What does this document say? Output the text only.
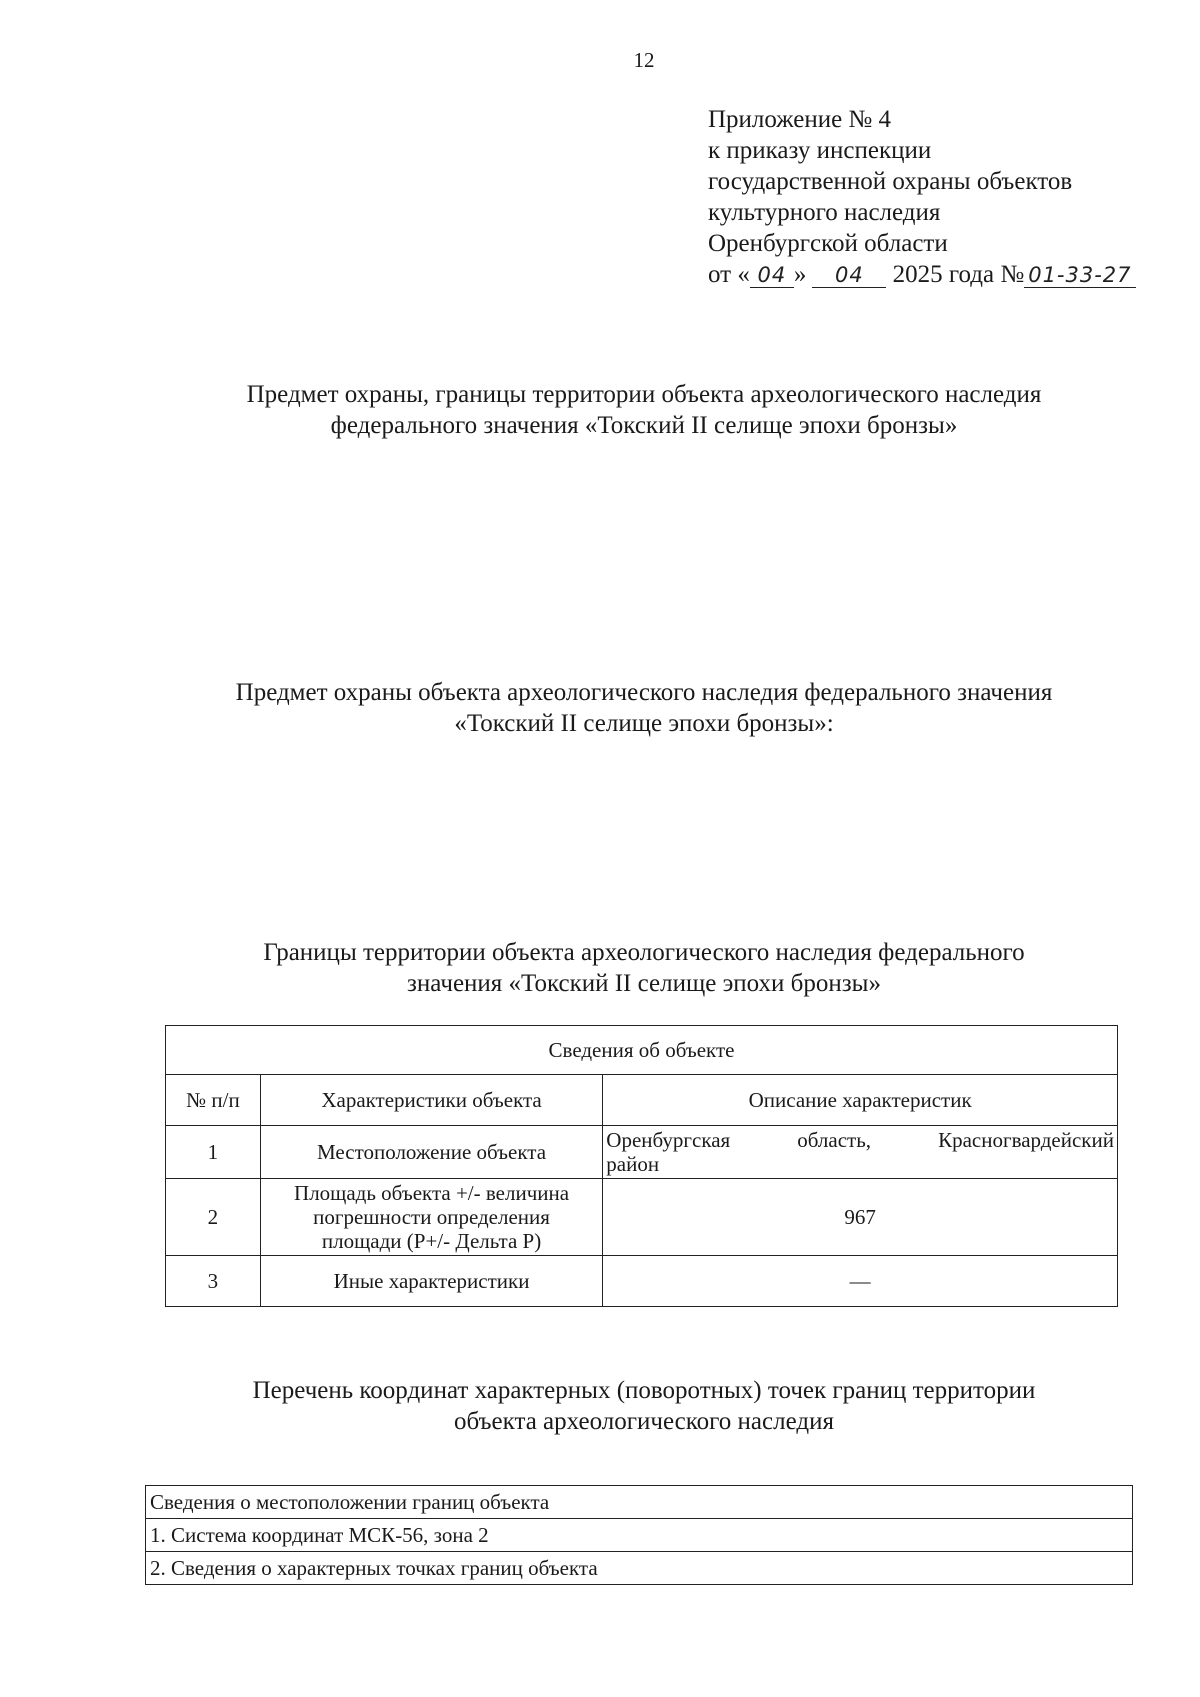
12
Приложение № 4
к приказу инспекции
государственной охраны объектов
культурного наследия
Оренбургской области
от « 04 » 04 2025 года № 01-33-27
Предмет охраны, границы территории объекта археологического наследия
федерального значения «Токский II селище эпохи бронзы»
Предмет охраны объекта археологического наследия федерального значения
«Токский II селище эпохи бронзы»:
Границы территории объекта археологического наследия федерального
значения «Токский II селище эпохи бронзы»
Сведения об объекте		
№ п/п	Характеристики объекта	Описание характеристик
1	Местоположение объекта	Оренбургская область, Красногвардейский
район

2	Площадь объекта +/- величина
погрешности определения
площади (Р+/- Дельта Р)	967
3	Иные характеристики	—
Перечень координат характерных (поворотных) точек границ территории
объекта археологического наследия
Сведения о местоположении границ объекта
1. Система координат МСК-56, зона 2
2. Сведения о характерных точках границ объекта
